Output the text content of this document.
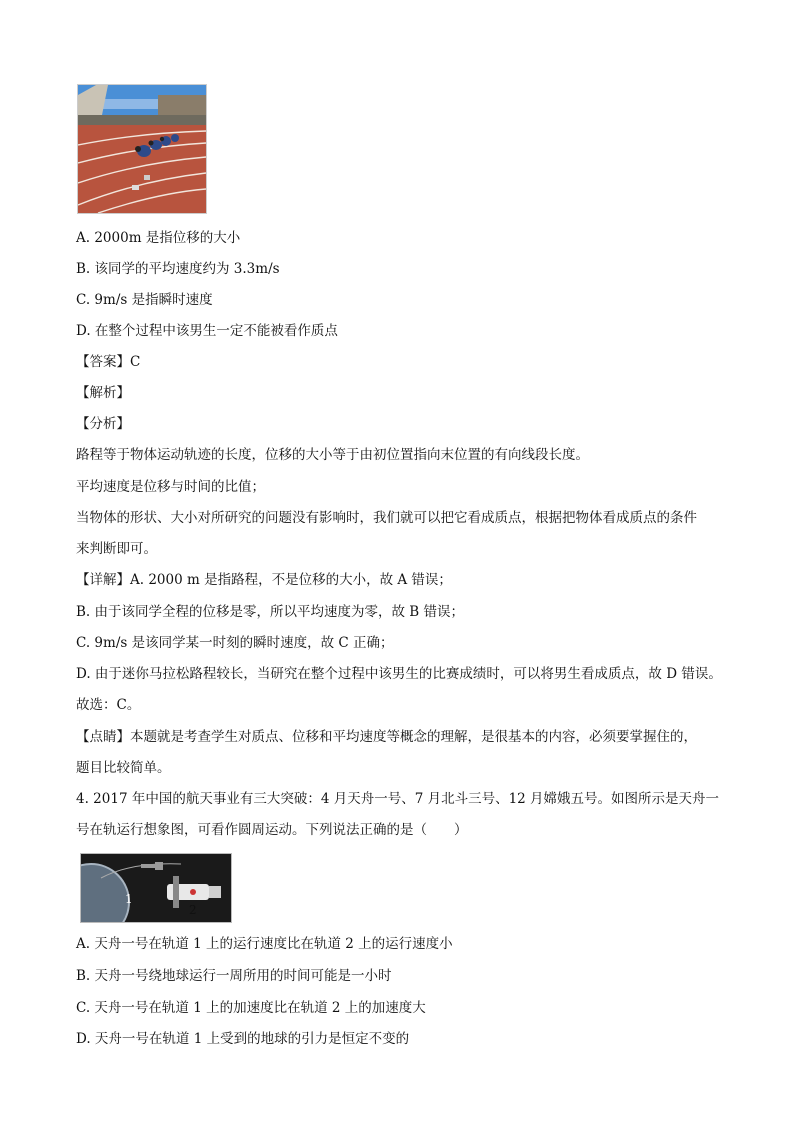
A. 2000m 是指位移的大小
B. 该同学的平均速度约为 3.3m/s
C. 9m/s 是指瞬时速度
D. 在整个过程中该男生一定不能被看作质点
【答案】C
【解析】
【分析】
路程等于物体运动轨迹的长度，位移的大小等于由初位置指向末位置的有向线段长度。
平均速度是位移与时间的比值；
当物体的形状、大小对所研究的问题没有影响时，我们就可以把它看成质点，根据把物体看成质点的条件
来判断即可。
【详解】A. 2000 m 是指路程，不是位移的大小，故 A 错误；
B. 由于该同学全程的位移是零，所以平均速度为零，故 B 错误；
C. 9m/s 是该同学某一时刻的瞬时速度，故 C 正确；
D. 由于迷你马拉松路程较长，当研究在整个过程中该男生的比赛成绩时，可以将男生看成质点，故 D 错误。
故选：C。
【点睛】本题就是考查学生对质点、位移和平均速度等概念的理解，是很基本的内容，必须要掌握住的，
题目比较简单。
4. 2017 年中国的航天事业有三大突破：4 月天舟一号、7 月北斗三号、12 月嫦娥五号。如图所示是天舟一
号在轨运行想象图，可看作圆周运动。下列说法正确的是（　　）
1
2
A. 天舟一号在轨道 1 上的运行速度比在轨道 2 上的运行速度小
B. 天舟一号绕地球运行一周所用的时间可能是一小时
C. 天舟一号在轨道 1 上的加速度比在轨道 2 上的加速度大
D. 天舟一号在轨道 1 上受到的地球的引力是恒定不变的
